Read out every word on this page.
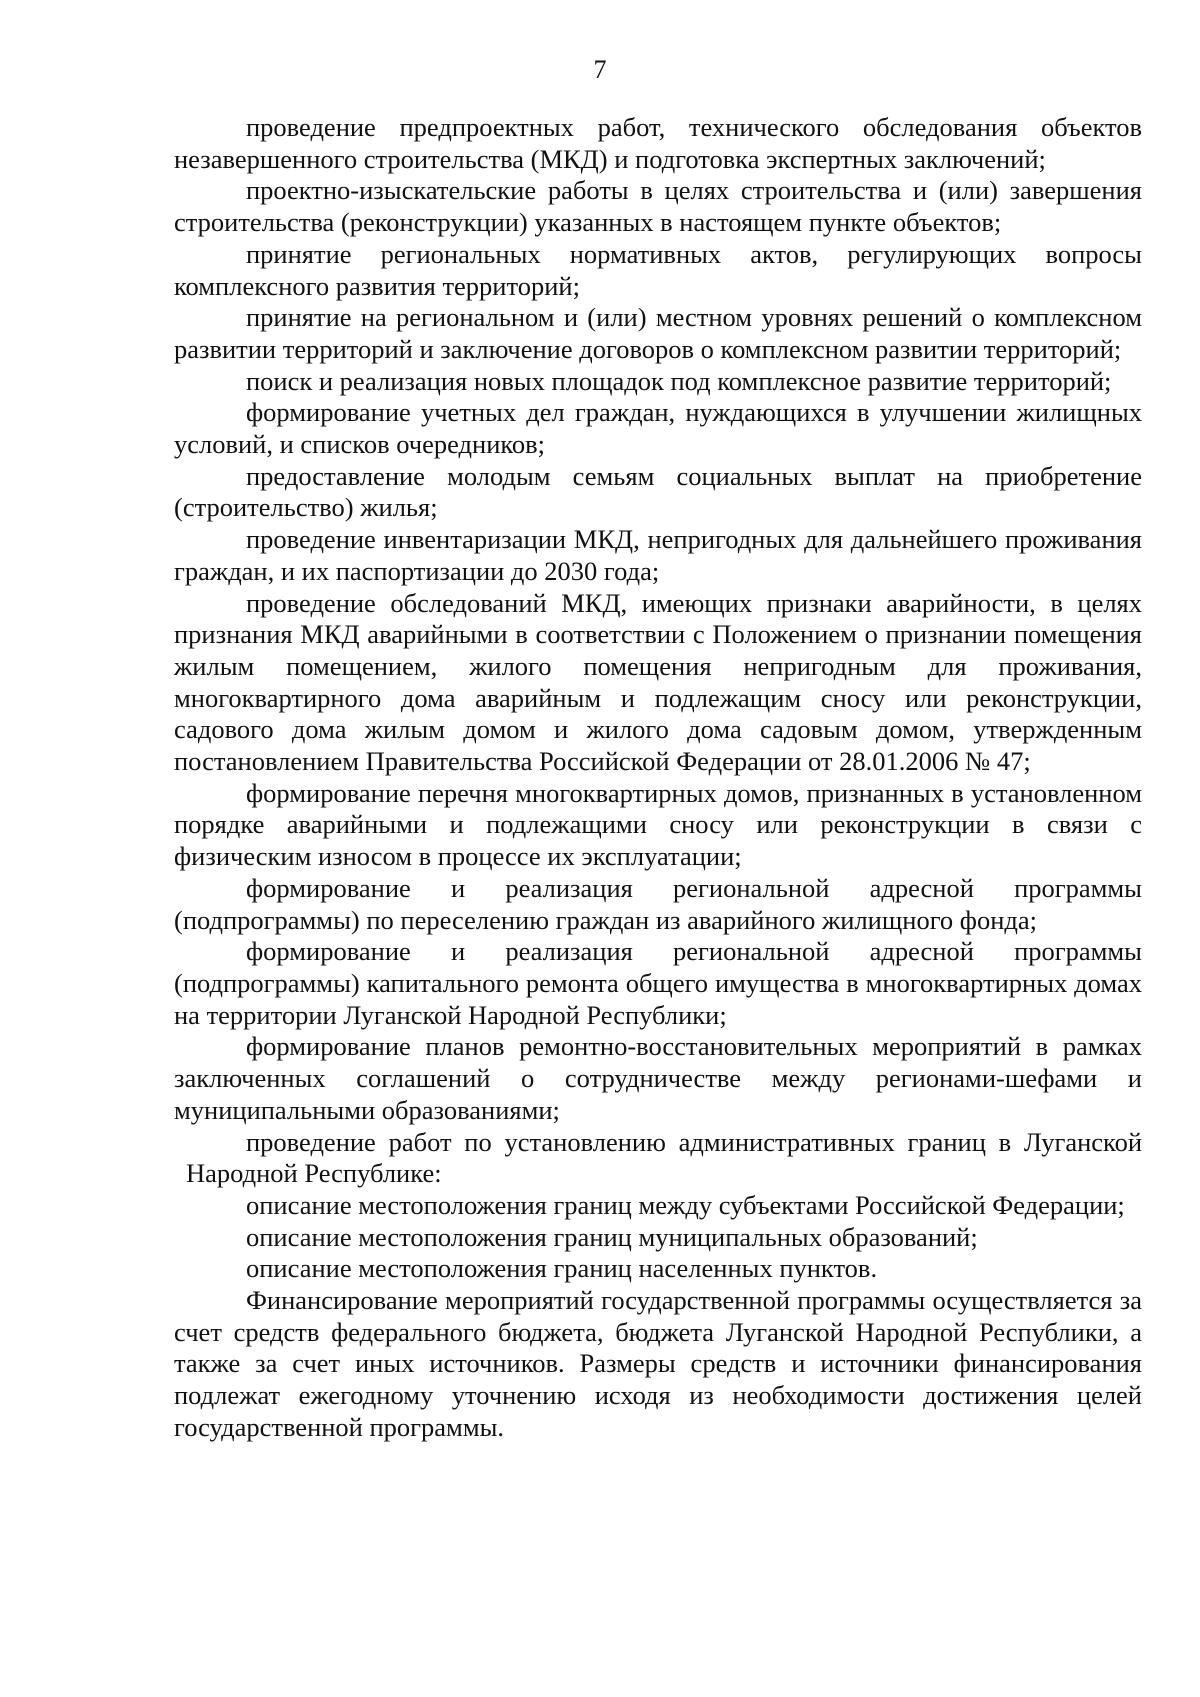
7

проведение предпроектных работ, технического обследования объектов незавершенного строительства (МКД) и подготовка экспертных заключений;

проектно-изыскательские работы в целях строительства и (или) завершения строительства (реконструкции) указанных в настоящем пункте объектов;

принятие региональных нормативных актов, регулирующих вопросы комплексного развития территорий;

принятие на региональном и (или) местном уровнях решений о комплексном развитии территорий и заключение договоров о комплексном развитии территорий;

поиск и реализация новых площадок под комплексное развитие территорий;

формирование учетных дел граждан, нуждающихся в улучшении жилищных условий, и списков очередников;

предоставление молодым семьям социальных выплат на приобретение (строительство) жилья;

проведение инвентаризации МКД, непригодных для дальнейшего проживания граждан, и их паспортизации до 2030 года;

проведение обследований МКД, имеющих признаки аварийности, в целях признания МКД аварийными в соответствии с Положением о признании помещения жилым помещением, жилого помещения непригодным для проживания, многоквартирного дома аварийным и подлежащим сносу или реконструкции, садового дома жилым домом и жилого дома садовым домом, утвержденным постановлением Правительства Российской Федерации от 28.01.2006 № 47;

формирование перечня многоквартирных домов, признанных в установленном порядке аварийными и подлежащими сносу или реконструкции в связи с физическим износом в процессе их эксплуатации;

формирование и реализация региональной адресной программы (подпрограммы) по переселению граждан из аварийного жилищного фонда;

формирование и реализация региональной адресной программы (подпрограммы) капитального ремонта общего имущества в многоквартирных домах на территории Луганской Народной Республики;

формирование планов ремонтно-восстановительных мероприятий в рамках заключенных соглашений о сотрудничестве между регионами-шефами и муниципальными образованиями;

проведение работ по установлению административных границ в Луганской Народной Республике:

описание местоположения границ между субъектами Российской Федерации;

описание местоположения границ муниципальных образований;

описание местоположения границ населенных пунктов.

Финансирование мероприятий государственной программы осуществляется за счет средств федерального бюджета, бюджета Луганской Народной Республики, а также за счет иных источников. Размеры средств и источники финансирования подлежат ежегодному уточнению исходя из необходимости достижения целей государственной программы.
